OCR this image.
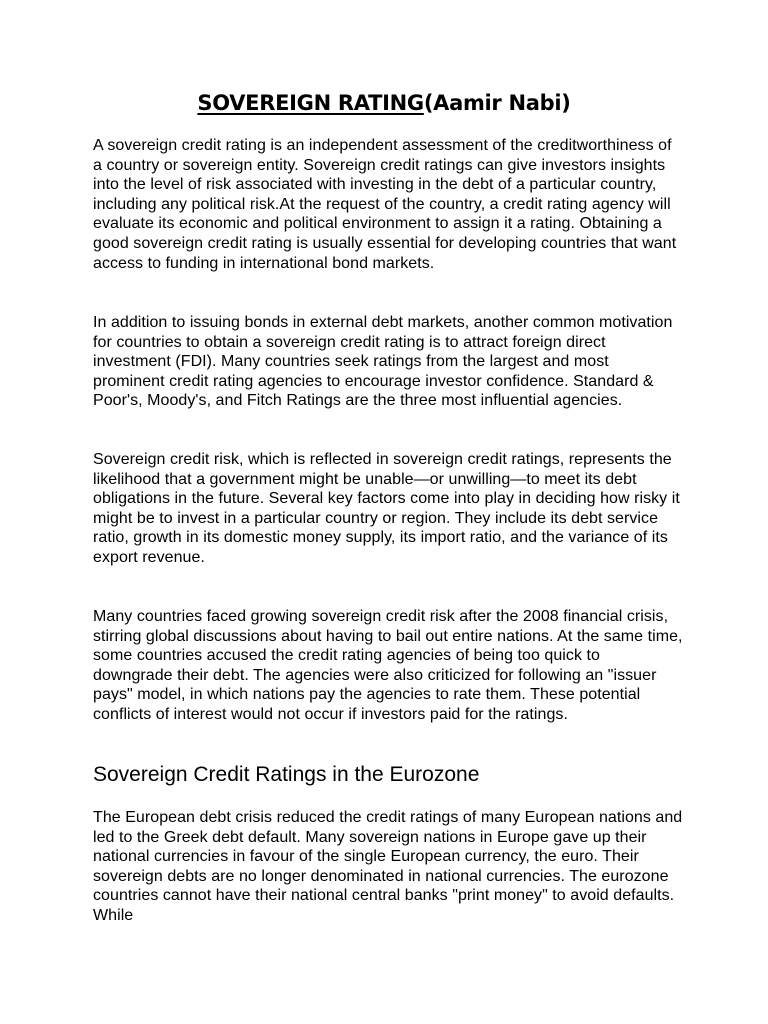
SOVEREIGN RATING(Aamir Nabi)

A sovereign credit rating is an independent assessment of the creditworthiness of a country or sovereign entity. Sovereign credit ratings can give investors insights into the level of risk associated with investing in the debt of a particular country, including any political risk.At the request of the country, a credit rating agency will evaluate its economic and political environment to assign it a rating. Obtaining a good sovereign credit rating is usually essential for developing countries that want access to funding in international bond markets.

In addition to issuing bonds in external debt markets, another common motivation for countries to obtain a sovereign credit rating is to attract foreign direct investment (FDI). Many countries seek ratings from the largest and most prominent credit rating agencies to encourage investor confidence. Standard & Poor's, Moody's, and Fitch Ratings are the three most influential agencies.

Sovereign credit risk, which is reflected in sovereign credit ratings, represents the likelihood that a government might be unable—or unwilling—to meet its debt obligations in the future. Several key factors come into play in deciding how risky it might be to invest in a particular country or region. They include its debt service ratio, growth in its domestic money supply, its import ratio, and the variance of its export revenue.

Many countries faced growing sovereign credit risk after the 2008 financial crisis, stirring global discussions about having to bail out entire nations. At the same time, some countries accused the credit rating agencies of being too quick to downgrade their debt. The agencies were also criticized for following an "issuer pays" model, in which nations pay the agencies to rate them. These potential conflicts of interest would not occur if investors paid for the ratings.

Sovereign Credit Ratings in the Eurozone

The European debt crisis reduced the credit ratings of many European nations and led to the Greek debt default. Many sovereign nations in Europe gave up their national currencies in favour of the single European currency, the euro. Their sovereign debts are no longer denominated in national currencies. The eurozone countries cannot have their national central banks "print money" to avoid defaults. While
